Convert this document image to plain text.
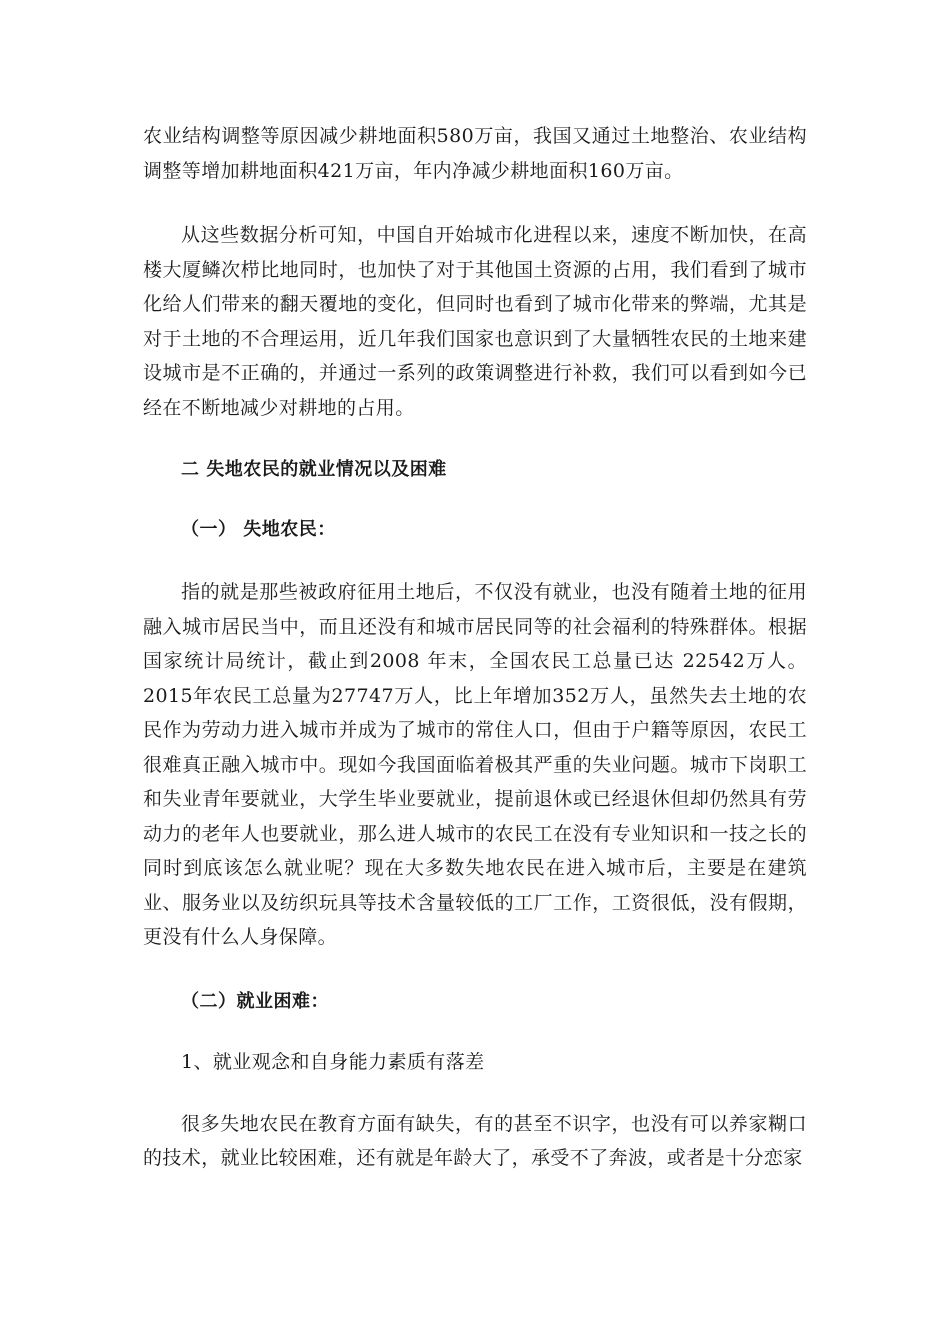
农业结构调整等原因减少耕地面积580万亩，我国又通过土地整治、农业结构调整等增加耕地面积421万亩，年内净减少耕地面积160万亩。

从这些数据分析可知，中国自开始城市化进程以来，速度不断加快，在高楼大厦鳞次栉比地同时，也加快了对于其他国土资源的占用，我们看到了城市化给人们带来的翻天覆地的变化，但同时也看到了城市化带来的弊端，尤其是对于土地的不合理运用，近几年我们国家也意识到了大量牺牲农民的土地来建设城市是不正确的，并通过一系列的政策调整进行补救，我们可以看到如今已经在不断地减少对耕地的占用。

二 失地农民的就业情况以及困难

（一） 失地农民：

指的就是那些被政府征用土地后，不仅没有就业，也没有随着土地的征用融入城市居民当中，而且还没有和城市居民同等的社会福利的特殊群体。根据国家统计局统计，截止到2008 年末，全国农民工总量已达 22542万人。2015年农民工总量为27747万人，比上年增加352万人，虽然失去土地的农民作为劳动力进入城市并成为了城市的常住人口，但由于户籍等原因，农民工很难真正融入城市中。现如今我国面临着极其严重的失业问题。城市下岗职工和失业青年要就业，大学生毕业要就业，提前退休或已经退休但却仍然具有劳动力的老年人也要就业，那么进人城市的农民工在没有专业知识和一技之长的同时到底该怎么就业呢？现在大多数失地农民在进入城市后，主要是在建筑业、服务业以及纺织玩具等技术含量较低的工厂工作，工资很低，没有假期，更没有什么人身保障。

（二）就业困难：

1、就业观念和自身能力素质有落差

很多失地农民在教育方面有缺失，有的甚至不识字，也没有可以养家糊口的技术，就业比较困难，还有就是年龄大了，承受不了奔波，或者是十分恋家
